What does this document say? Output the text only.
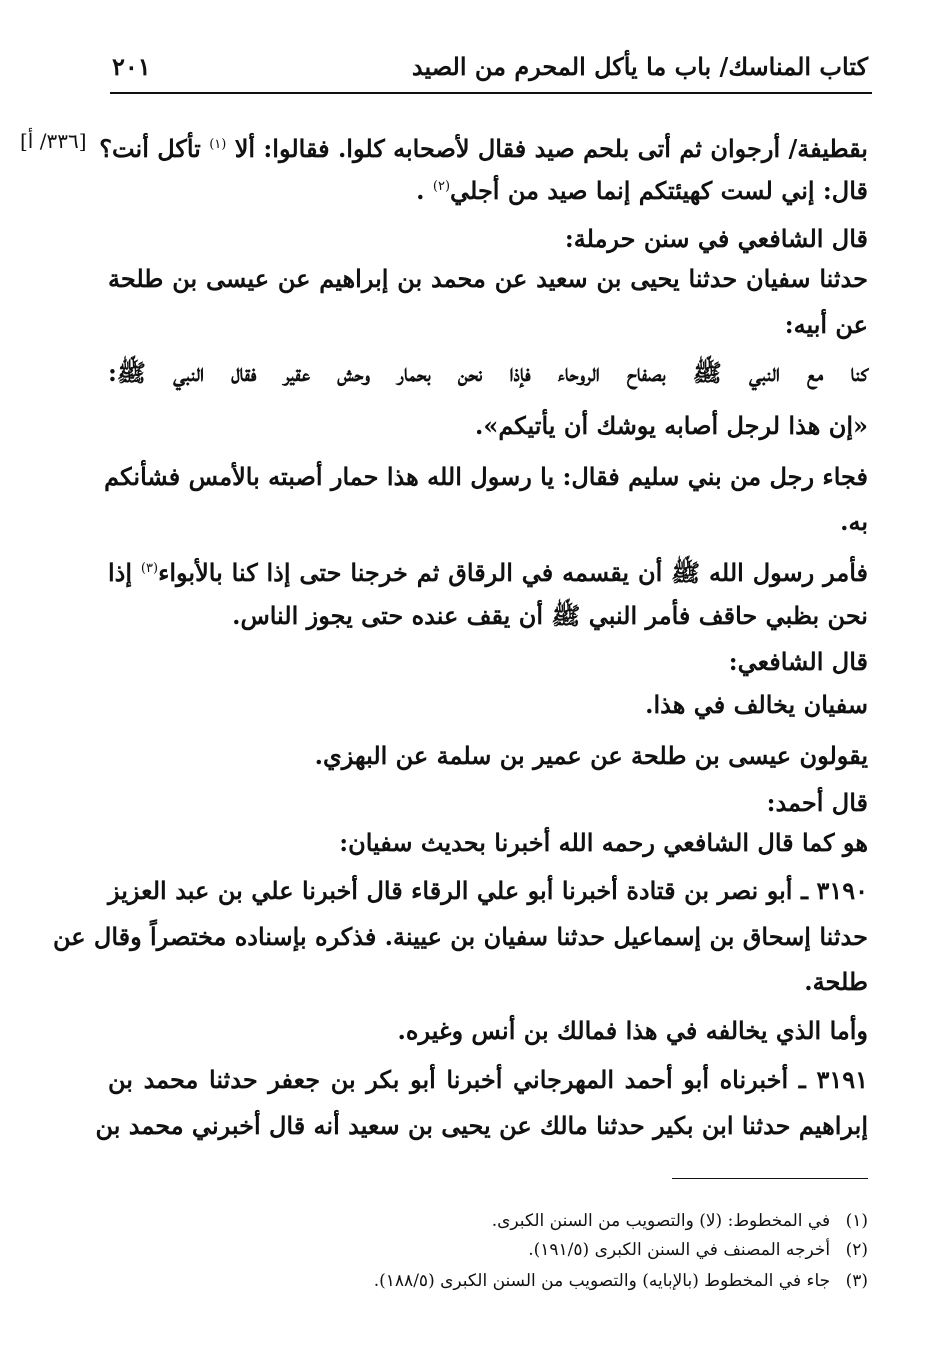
كتاب المناسك/ باب ما يأكل المحرم من الصيد
٢٠١
[٣٣٦/ أ]	بقطيفة/ أرجوان ثم أتى بلحم صيد فقال لأصحابه كلوا. فقالوا: ألا $^{(١)}$ تأكل أنت؟
قال: إني لست كهيئتكم إنما صيد من أجلي$^{(٢)}$ .
قال الشافعي في سنن حرملة:
حدثنا سفيان حدثنا يحيى بن سعيد عن محمد بن إبراهيم عن عيسى بن طلحة
عن أبيه:
كنا مع النبي ﷺ بصفاح الروحاء فإذا نحن بحمار وحش عقير فقال النبي ﷺ:
«إن هذا لرجل أصابه يوشك أن يأتيكم».
فجاء رجل من بني سليم فقال: يا رسول الله هذا حمار أصبته بالأمس فشأنكم
به.
فأمر رسول الله ﷺ أن يقسمه في الرقاق ثم خرجنا حتى إذا كنا بالأبواء$^{(٣)}$ إذا
نحن بظبي حاقف فأمر النبي ﷺ أن يقف عنده حتى يجوز الناس.
قال الشافعي:
سفيان يخالف في هذا.
يقولون عيسى بن طلحة عن عمير بن سلمة عن البهزي.
قال أحمد:
هو كما قال الشافعي رحمه الله أخبرنا بحديث سفيان:
٣١٩٠ ـ أبو نصر بن قتادة أخبرنا أبو علي الرقاء قال أخبرنا علي بن عبد العزيز
حدثنا إسحاق بن إسماعيل حدثنا سفيان بن عيينة. فذكره بإسناده مختصراً وقال عن
طلحة.
وأما الذي يخالفه في هذا فمالك بن أنس وغيره.
٣١٩١ ـ أخبرناه أبو أحمد المهرجاني أخبرنا أبو بكر بن جعفر حدثنا محمد بن
إبراهيم حدثنا ابن بكير حدثنا مالك عن يحيى بن سعيد أنه قال أخبرني محمد بن
(١) في المخطوط: (لا) والتصويب من السنن الكبرى.
(٢) أخرجه المصنف في السنن الكبرى (١٩١/٥).
(٣) جاء في المخطوط (بالإبايه) والتصويب من السنن الكبرى (١٨٨/٥).
